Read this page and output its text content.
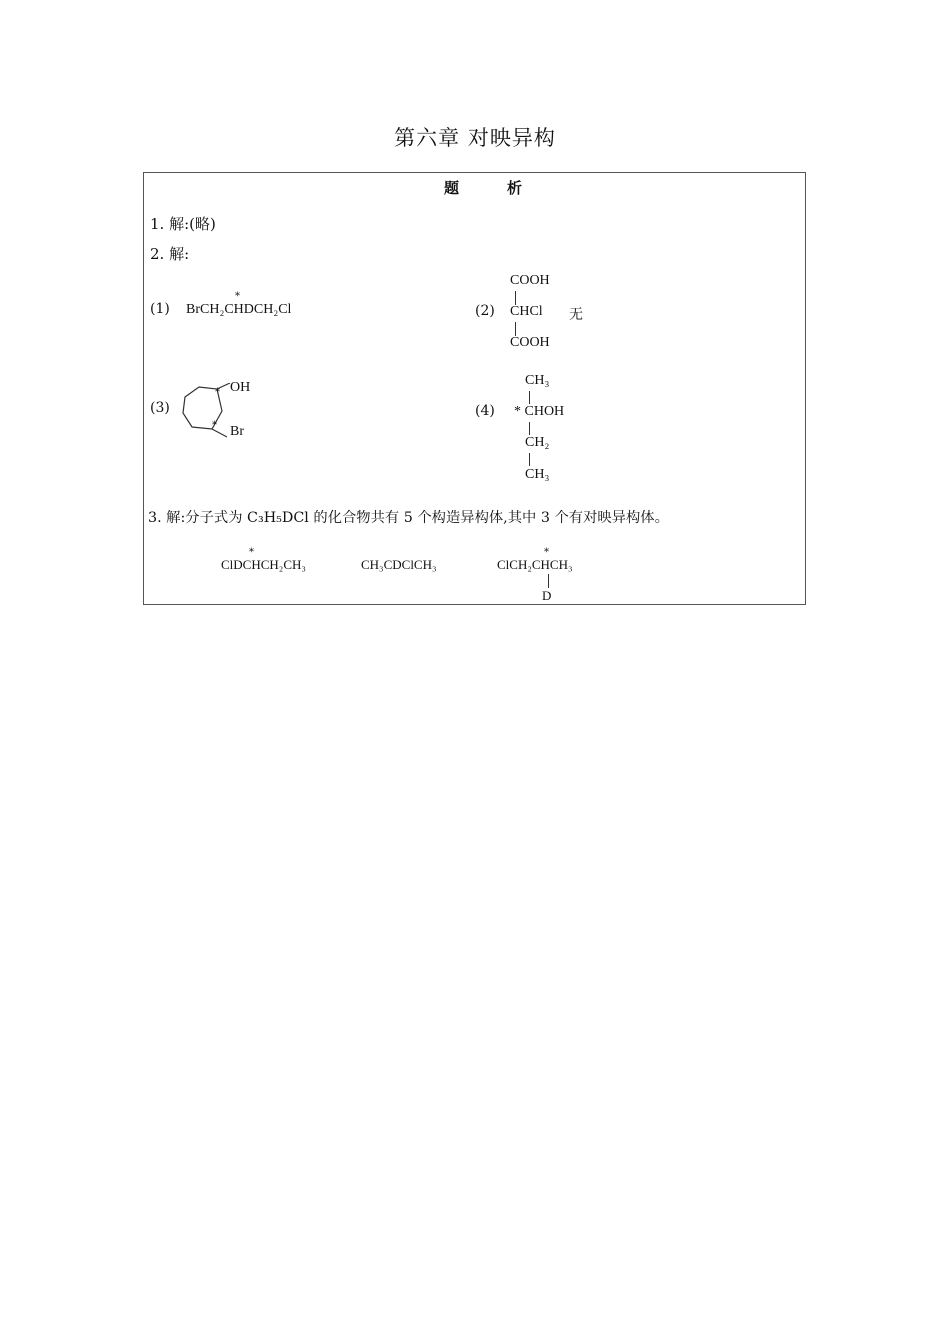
第六章 对映异构
题析
1. 解:(略)
2. 解:
(1) BrCH₂CHDCH₂Cl
*
(2)
COOH
CHCl 无
COOH
(3)
OH
Br
*
*
(4)
CH₃
* CHOH
CH₂
CH₃
3. 解:分子式为 C₃H₅DCl 的化合物共有 5 个构造异构体,其中 3 个有对映异构体。
ClDCHCH₂CH₃
*
CH₃CDClCH₃	ClCH₂CHCH₃
*
D
